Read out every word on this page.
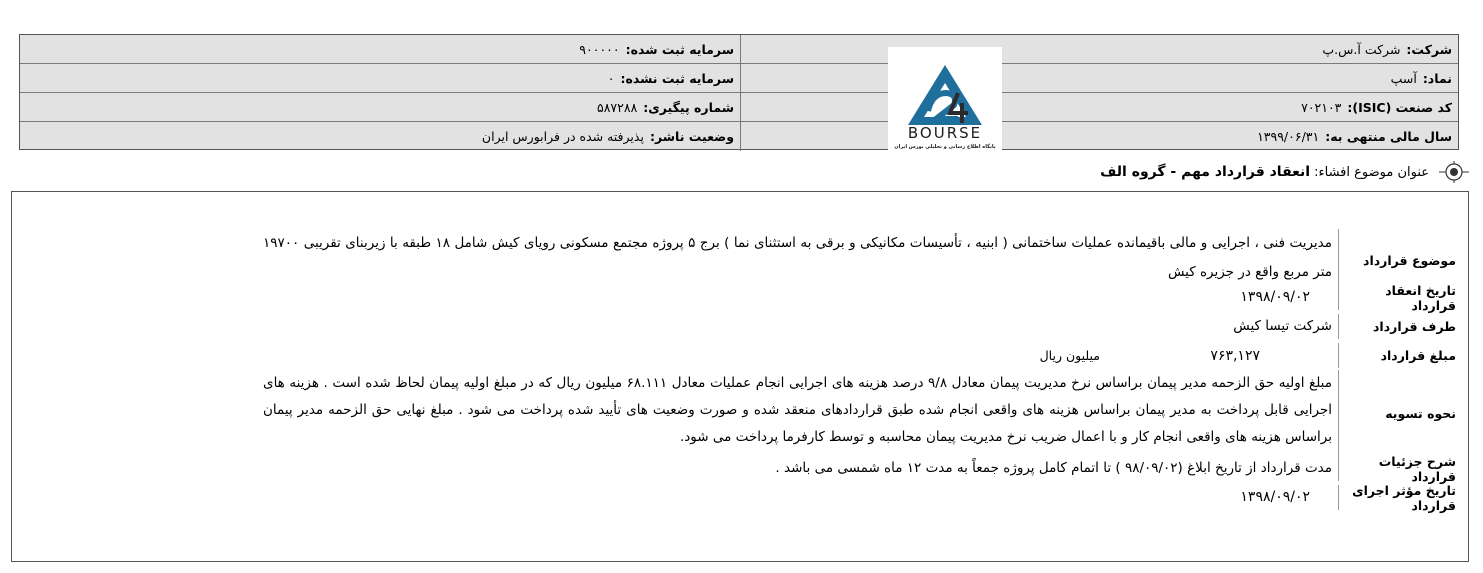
شرکت:
شرکت آ.س.پ
سرمایه ثبت شده:
۹۰۰۰۰۰
نماد:
آسپ
سرمایه ثبت نشده:
۰
کد صنعت (ISIC):
۷۰۲۱۰۳
شماره پیگیری:
۵۸۷۲۸۸
سال مالی منتهی به:
۱۳۹۹/۰۶/۳۱
وضعیت ناشر:
پذیرفته شده در فرابورس ایران	BOURSE
پایگاه اطلاع رسانی و تحلیلی بورس ایران
عنوان موضوع افشاء:
انعقاد قرارداد مهم - گروه الف
موضوع قرارداد
مدیریت فنی ، اجرایی و مالی باقیمانده عملیات ساختمانی ( ابنیه ، تأسیسات مکانیکی و برقی به استثنای نما ) برج ۵ پروژه مجتمع مسکونی رویای کیش شامل ۱۸ طبقه با زیربنای تقریبی ۱۹۷۰۰ متر مربع واقع در جزیره کیش
تاریخ انعقاد قرارداد
۱۳۹۸/۰۹/۰۲
طرف قرارداد
شرکت تیسا کیش
مبلغ قرارداد
۷۶۳,۱۲۷
میلیون ریال
نحوه تسویه
مبلغ اولیه حق الزحمه مدیر پیمان براساس نرخ مدیریت پیمان معادل ۹/۸ درصد هزینه های اجرایی انجام عملیات معادل ۶۸.۱۱۱ میلیون ریال که در مبلغ اولیه پیمان لحاظ شده است . هزینه های اجرایی قابل پرداخت به مدیر پیمان براساس هزینه های واقعی انجام شده طبق قراردادهای منعقد شده و صورت وضعیت های تأیید شده پرداخت می شود . مبلغ نهایی حق الزحمه مدیر پیمان براساس هزینه های واقعی انجام کار و با اعمال ضریب نرخ مدیریت پیمان محاسبه و توسط کارفرما پرداخت می شود.
شرح جزئیات قرارداد
مدت قرارداد از تاریخ ابلاغ (۹۸/۰۹/۰۲ ) تا اتمام کامل پروژه جمعاً به مدت ۱۲ ماه شمسی می باشد .
تاریخ مؤثر اجرای قرارداد
۱۳۹۸/۰۹/۰۲
